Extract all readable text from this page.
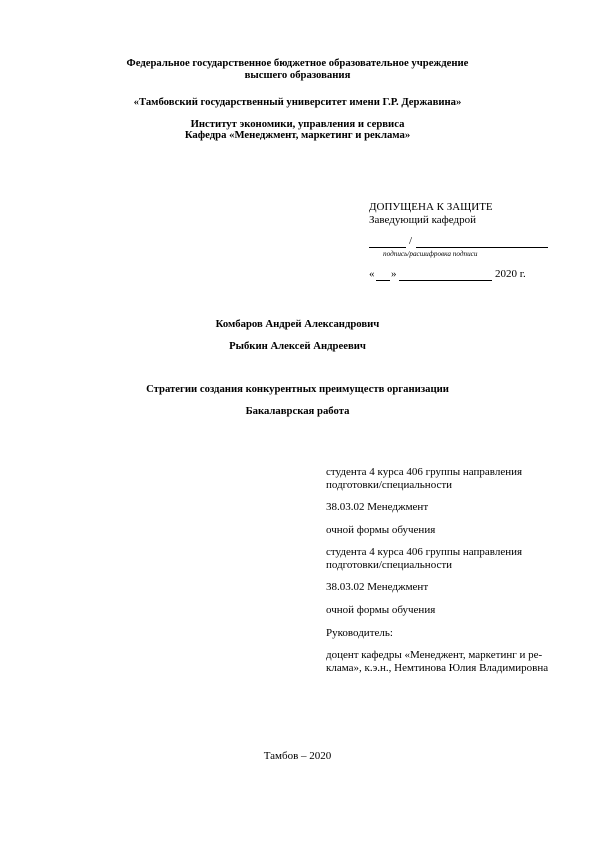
Федеральное государственное бюджетное образовательное учреждение
высшего образования
«Тамбовский государственный университет имени Г.Р. Державина»
Институт экономики, управления и сервиса
Кафедра «Менеджмент, маркетинг и реклама»
ДОПУЩЕНА К ЗАЩИТЕ
Заведующий кафедрой
/
подпись/расшифровка подписи
« »	2020 г.
Комбаров Андрей Александрович
Рыбкин Алексей Андреевич
Стратегии создания конкурентных преимуществ организации
Бакалаврская работа
студента 4 курса 406 группы направления
подготовки/специальности
38.03.02 Менеджмент
очной формы обучения
студента 4 курса 406 группы направления
подготовки/специальности
38.03.02 Менеджмент
очной формы обучения
Руководитель:
доцент кафедры «Менеджент, маркетинг и ре-
клама», к.э.н., Немтинова Юлия Владимировна
Тамбов – 2020
